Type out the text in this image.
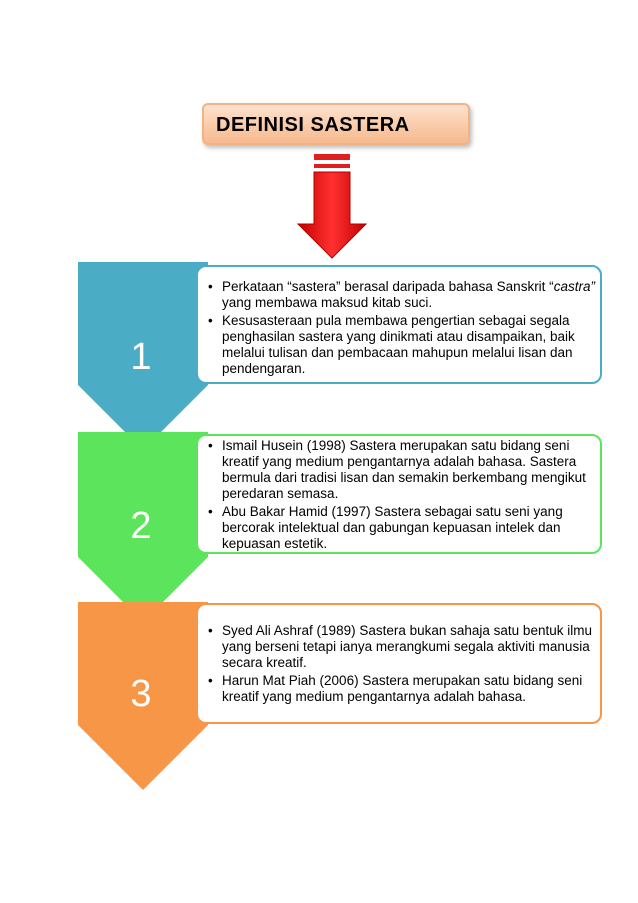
DEFINISI SASTERA
1
2
3
• Perkataan “sastera” berasal daripada bahasa Sanskrit “castra” yang membawa maksud kitab suci.
• Kesusasteraan pula membawa pengertian sebagai segala penghasilan sastera yang dinikmati atau disampaikan, baik melalui tulisan dan pembacaan mahupun melalui lisan dan pendengaran.
• Ismail Husein (1998) Sastera merupakan satu bidang seni kreatif yang medium pengantarnya adalah bahasa. Sastera bermula dari tradisi lisan dan semakin berkembang mengikut peredaran semasa.
• Abu Bakar Hamid (1997) Sastera sebagai satu seni yang bercorak intelektual dan gabungan kepuasan intelek dan kepuasan estetik.
• Syed Ali Ashraf (1989) Sastera bukan sahaja satu bentuk ilmu yang berseni tetapi ianya merangkumi segala aktiviti manusia secara kreatif.
• Harun Mat Piah (2006) Sastera merupakan satu bidang seni kreatif yang medium pengantarnya adalah bahasa.
